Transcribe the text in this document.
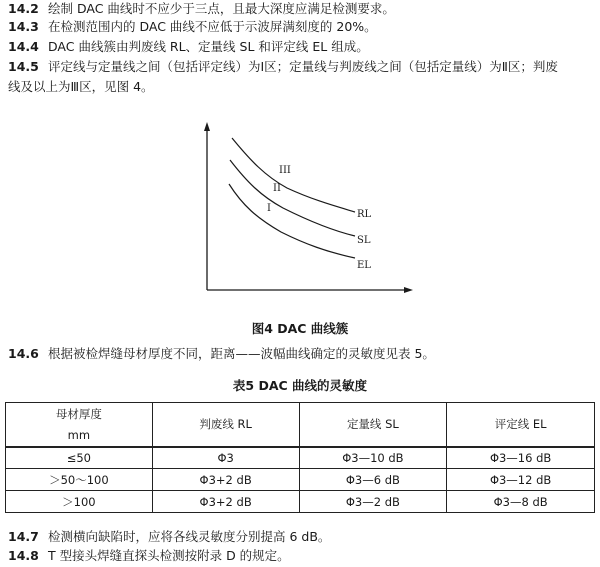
14.2 绘制 DAC 曲线时不应少于三点，且最大深度应满足检测要求。
14.3 在检测范围内的 DAC 曲线不应低于示波屏满刻度的 20%。
14.4 DAC 曲线簇由判废线 RL、定量线 SL 和评定线 EL 组成。
14.5 评定线与定量线之间（包括评定线）为Ⅰ区；定量线与判废线之间（包括定量线）为Ⅱ区；判废
线及以上为Ⅲ区，见图 4。
III
II
I
RL
SL
EL
图4 DAC 曲线簇
14.6 根据被检焊缝母材厚度不同，距离——波幅曲线确定的灵敏度见表 5。
表5 DAC 曲线的灵敏度
母材厚度
mm	判废线 RL	定量线 SL	评定线 EL
≤50	Φ3	Φ3—10 dB	Φ3—16 dB
＞50～100	Φ3+2 dB	Φ3—6 dB	Φ3—12 dB
＞100	Φ3+2 dB	Φ3—2 dB	Φ3—8 dB
14.7 检测横向缺陷时，应将各线灵敏度分别提高 6 dB。
14.8 T 型接头焊缝直探头检测按附录 D 的规定。
